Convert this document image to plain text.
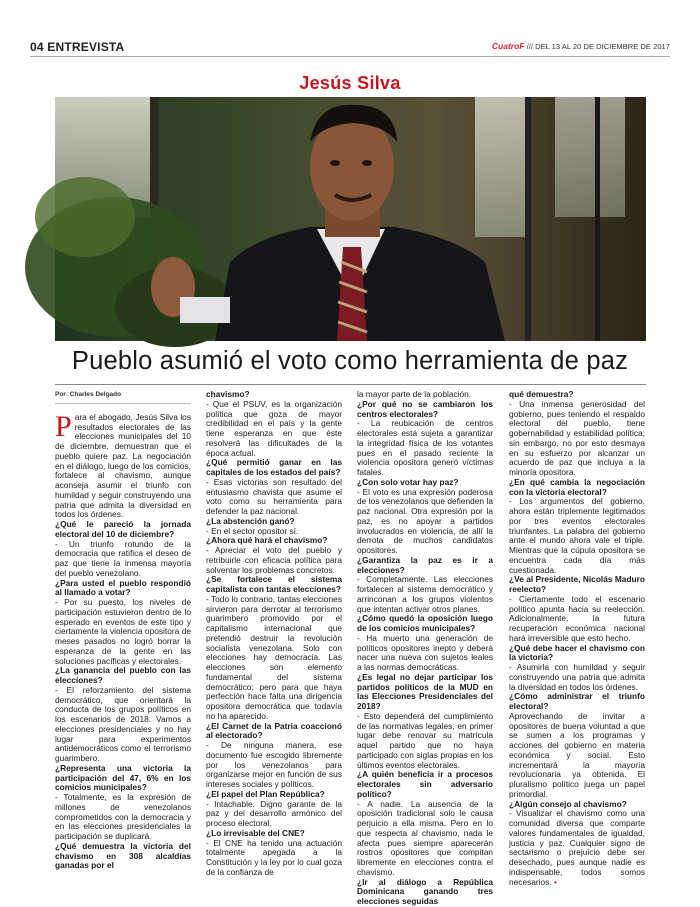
04 ENTREVISTA	CuatroF /// DEL 13 AL 20 DE DICIEMBRE DE 2017
Jesús Silva
Pueblo asumió el voto como herramienta de paz

Por: Charles Delgado

P ara el abogado, Jesús Silva los resultados electorales de las elecciones municipales del 10 de diciembre, demuestran que el pueblo quiere paz. La negociación en el diálogo, luego de los comicios, fortalece al chavismo, aunque aconseja asumir el triunfo con humildad y seguir construyendo una patria que admita la diversidad en todos los órdenes.

¿Qué le pareció la jornada electoral del 10 de diciembre?

- Un triunfo rotundo de la democracia que ratifica el deseo de paz que tiene la inmensa mayoría del pueblo venezolano.

¿Para usted el pueblo respondió al llamado a votar?

- Por su puesto, los niveles de participación estuvieron dentro de lo esperado en eventos de este tipo y ciertamente la violencia opositora de meses pasados no logró borrar la esperanza de la gente en las soluciones pacíficas y electorales.

¿La ganancia del pueblo con las elecciones?

- El reforzamiento del sistema democrático, que orientará la conducta de los grupos políticos en los escenarios de 2018. Vamos a elecciones presidenciales y no hay lugar para experimentos antidemocráticos como el terrorismo guarimbero.

¿Representa una victoria la participación del 47, 6% en los comicios municipales?

- Totalmente, es la expresión de millones de venezolanos comprometidos con la democracia y en las elecciones presidenciales la participación se duplicará.

¿Qué demuestra la victoria del chavismo en 308 alcaldías ganadas por el

chavismo?

- Que el PSUV, es la organización política que goza de mayor credibilidad en el país y la gente tiene esperanza en que éste resolverá las dificultades de la época actual.

¿Qué permitió ganar en las capitales de los estados del país?

- Esas victorias son resultado del entusiasmo chavista que asume el voto como su herramienta para defender la paz nacional.

¿La abstención ganó?

- En el sector opositor sí.

¿Ahora qué hará el chavismo?

- Apreciar el voto del pueblo y retribuirle con eficacia política para solventar los problemas concretos.

¿Se fortalece el sistema capitalista con tantas elecciones?

- Todo lo contrario, tantas elecciones sirvieron para derrotar al terrorismo guarimbero promovido por el capitalismo internacional que pretendió destruir la revolución socialista venezolana. Solo con elecciones hay democracia. Las elecciones son elemento fundamental del sistema democrático; pero para que haya perfección hace falta una dirigencia opositora democrática que todavía no ha aparecido.

¿El Carnet de la Patria coaccionó al electorado?

- De ninguna manera, ese documento fue escogido libremente por los venezolanos para organizarse mejor en función de sus intereses sociales y políticos.

¿El papel del Plan República?

- Intachable. Digno garante de la paz y del desarrollo armónico del proceso electoral.

¿Lo irrevisable del CNE?

- El CNE ha tenido una actuación totalmente apegada a la Constitución y la ley por lo cual goza de la confianza de

la mayor parte de la población.

¿Por qué no se cambiaron los centros electorales?

- La reubicación de centros electorales está sujeta a garantizar la integridad física de los votantes pues en el pasado reciente la violencia opositora generó víctimas fatales.

¿Con solo votar hay paz?

- El voto es una expresión poderosa de los venezolanos que defienden la paz nacional. Otra expresión por la paz, es no apoyar a partidos involucrados en violencia, de allí la derrota de muchos candidatos opositores.

¿Garantiza la paz es ir a elecciones?

- Completamente. Las elecciones fortalecen al sistema democrático y arrinconan a los grupos violentos que intentan activar otros planes.

¿Cómo quedó la oposición luego de los comicios municipales?

- Ha muerto una generación de políticos opositores inepto y deberá nacer una nueva con sujetos leales a las normas democráticas.

¿Es legal no dejar participar los partidos políticos de la MUD en las Elecciones Presidenciales del 2018?

- Esto dependerá del cumplimiento de las normativas legales, en primer lugar debe renovar su matrícula aquel partido que no haya participado con siglas propias en los últimos eventos electorales.

¿A quién beneficia ir a procesos electorales sin adversario político?

- A nadie. La ausencia de la oposición tradicional solo le causa perjuicio a ella misma. Pero en lo que respecta al chavismo, nada le afecta pues siempre aparecerán rostros opositores que compitan libremente en elecciones contra el chavismo.

¿Ir al diálogo a República Dominicana ganando tres elecciones seguidas

qué demuestra?

- Una inmensa generosidad del gobierno, pues teniendo el respaldo electoral del pueblo, tiene gobernabilidad y estabilidad política; sin embargo, no por esto desmaya en su esfuerzo por alcanzar un acuerdo de paz que incluya a la minoría opositora.

¿En qué cambia la negociación con la victoria electoral?

- Los argumentos del gobierno, ahora están triplemente legitimados por tres eventos electorales triunfantes. La palabra del gobierno ante el mundo ahora vale el triple. Mientras que la cúpula opositora se encuentra cada día más cuestionada.

¿Ve al Presidente, Nicolás Maduro reelecto?

- Ciertamente todo el escenario político apunta hacia su reelección. Adicionalmente, la futura recuperación económica nacional hará irreversible que esto hecho.

¿Qué debe hacer el chavismo con la victoria?

- Asumirla con humildad y seguir construyendo una patria que admita la diversidad en todos los órdenes.

¿Cómo administrar el triunfo electoral?

Aprovechando de invitar a opositores de buena voluntad a que se sumen a los programas y acciones del gobierno en materia económica y social. Esto incrementará la mayoría revolucionaria ya obtenida. El pluralismo político juega un papel primordial.

¿Algún consejo al chavismo?

- Visualizar el chavismo como una comunidad diversa que comparte valores fundamentales de igualdad, justicia y paz. Cualquier signo de sectarismo o prejuicio debe ser desechado, pues aunque nadie es indispensable, todos somos necesarios. •
